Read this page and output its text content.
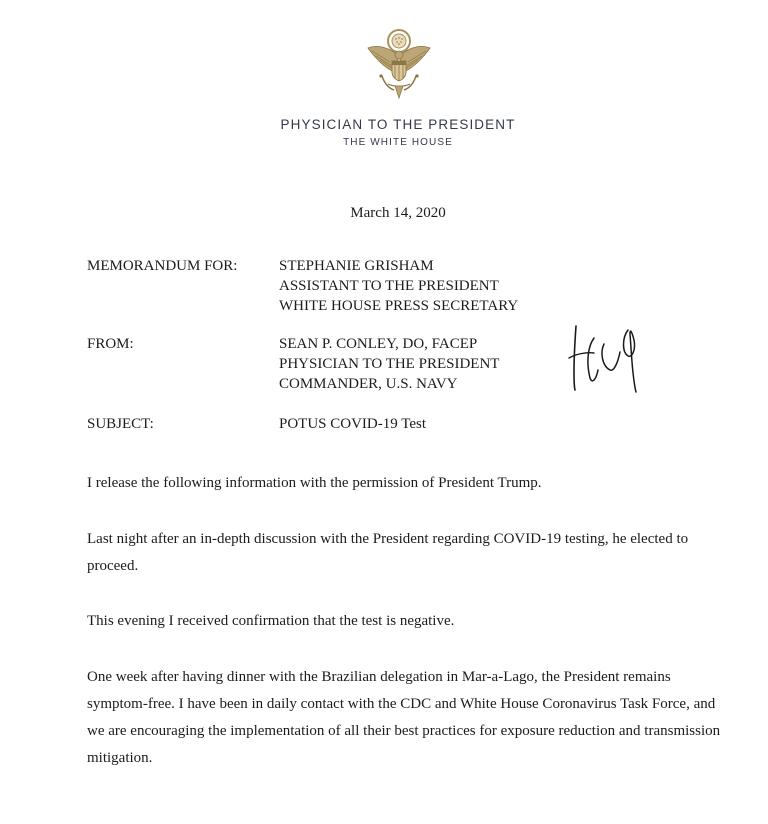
PHYSICIAN TO THE PRESIDENT
THE WHITE HOUSE
March 14, 2020
MEMORANDUM FOR:	STEPHANIE GRISHAM
ASSISTANT TO THE PRESIDENT
WHITE HOUSE PRESS SECRETARY
FROM:	SEAN P. CONLEY, DO, FACEP
PHYSICIAN TO THE PRESIDENT
COMMANDER, U.S. NAVY
SUBJECT:	POTUS COVID-19 Test
I release the following information with the permission of President Trump.
Last night after an in-depth discussion with the President regarding COVID-19 testing, he elected to proceed.
This evening I received confirmation that the test is negative.
One week after having dinner with the Brazilian delegation in Mar-a-Lago, the President remains symptom-free. I have been in daily contact with the CDC and White House Coronavirus Task Force, and we are encouraging the implementation of all their best practices for exposure reduction and transmission mitigation.
